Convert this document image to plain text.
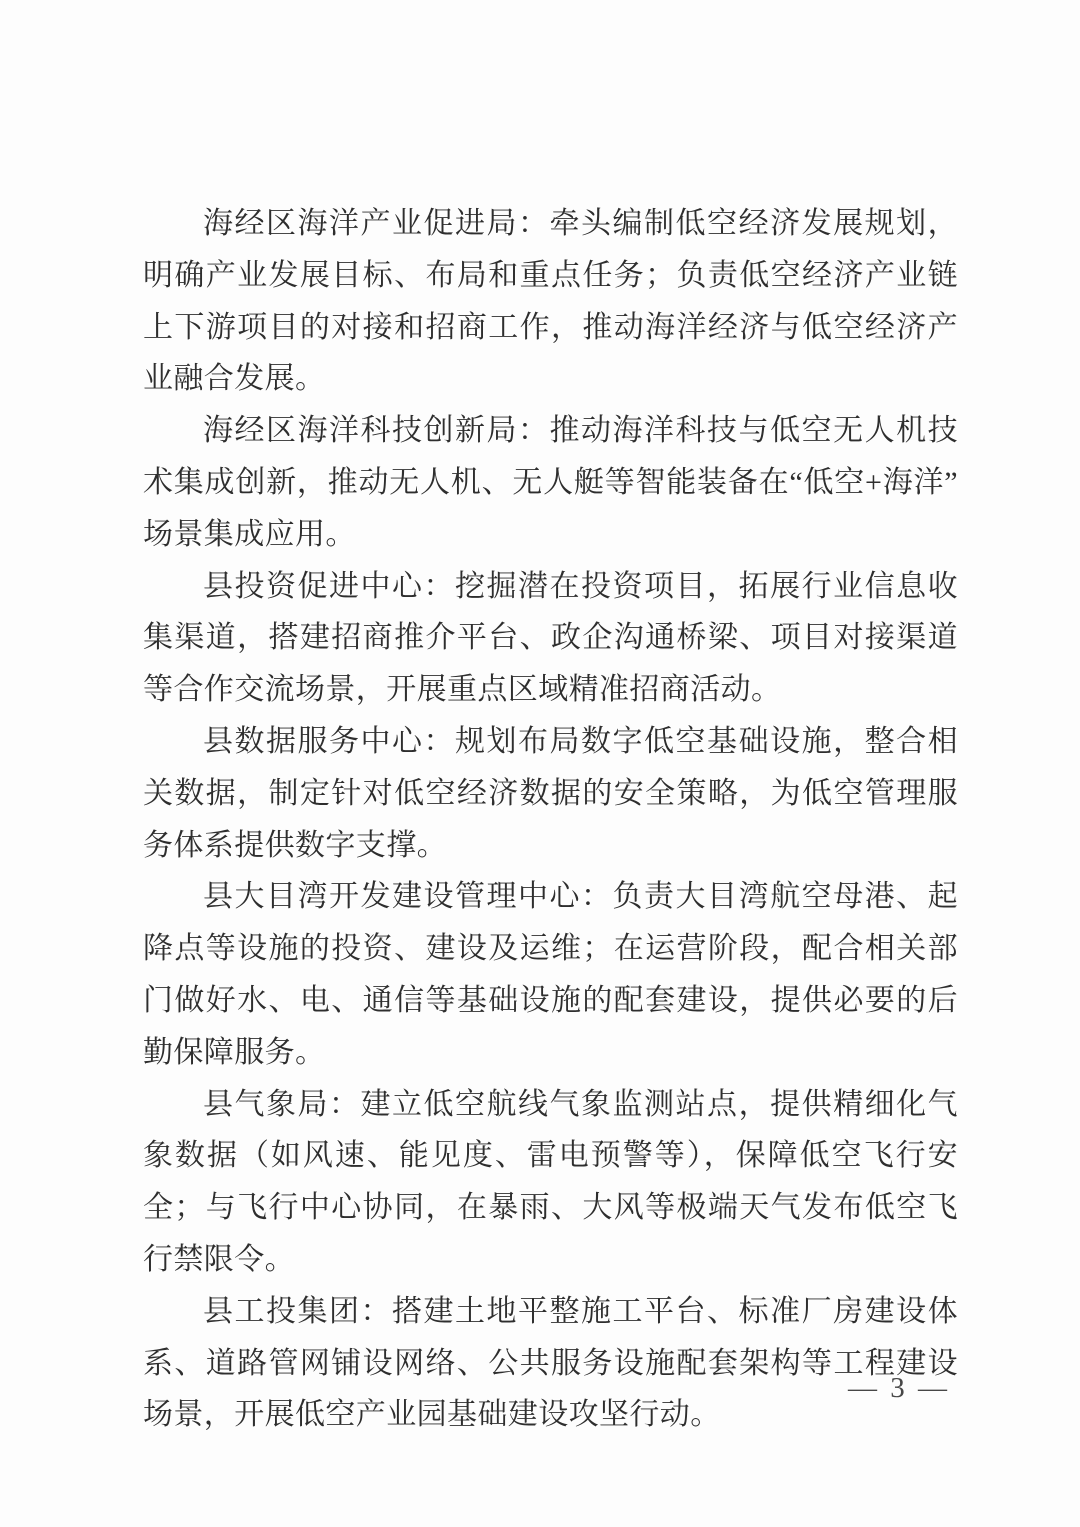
海经区海洋产业促进局：牵头编制低空经济发展规划，明确产业发展目标、布局和重点任务；负责低空经济产业链上下游项目的对接和招商工作，推动海洋经济与低空经济产业融合发展。

海经区海洋科技创新局：推动海洋科技与低空无人机技术集成创新，推动无人机、无人艇等智能装备在“低空+海洋”场景集成应用。

县投资促进中心：挖掘潜在投资项目，拓展行业信息收集渠道，搭建招商推介平台、政企沟通桥梁、项目对接渠道等合作交流场景，开展重点区域精准招商活动。

县数据服务中心：规划布局数字低空基础设施，整合相关数据，制定针对低空经济数据的安全策略，为低空管理服务体系提供数字支撑。

县大目湾开发建设管理中心：负责大目湾航空母港、起降点等设施的投资、建设及运维；在运营阶段，配合相关部门做好水、电、通信等基础设施的配套建设，提供必要的后勤保障服务。

县气象局：建立低空航线气象监测站点，提供精细化气象数据（如风速、能见度、雷电预警等），保障低空飞行安全；与飞行中心协同，在暴雨、大风等极端天气发布低空飞行禁限令。

县工投集团：搭建土地平整施工平台、标准厂房建设体系、道路管网铺设网络、公共服务设施配套架构等工程建设场景，开展低空产业园基础建设攻坚行动。

— 3 —
